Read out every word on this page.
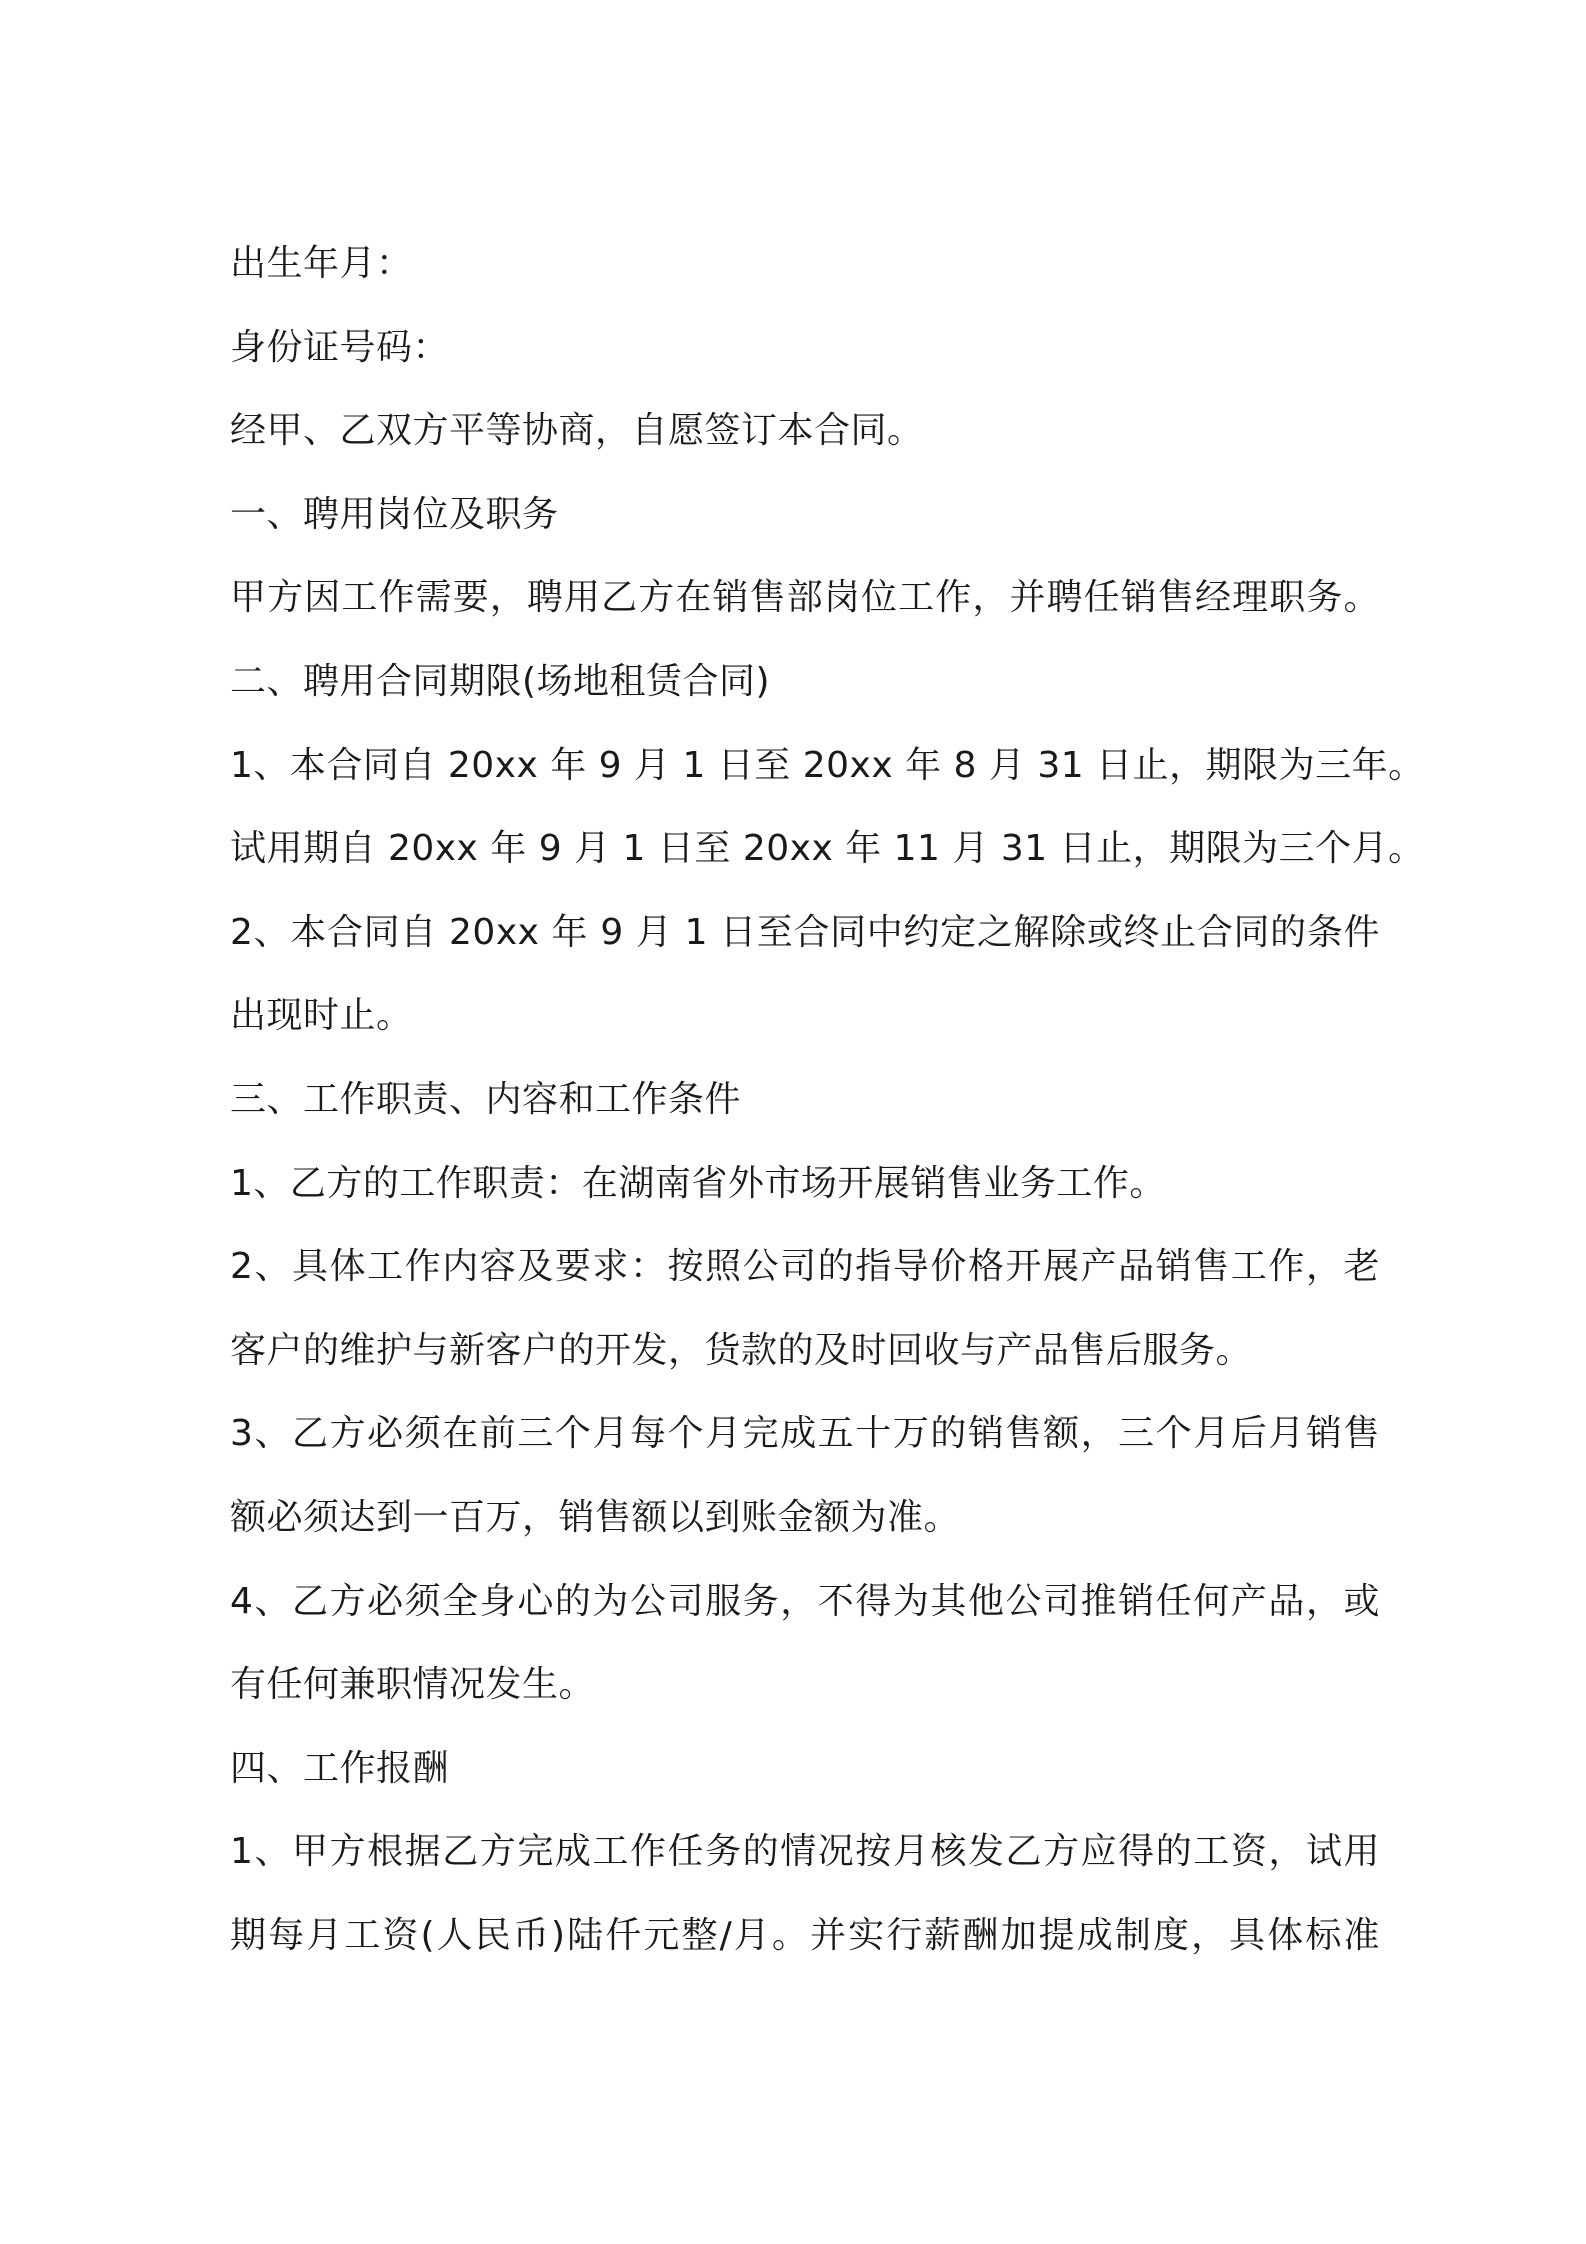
出生年月：
身份证号码：
经甲、乙双方平等协商，自愿签订本合同。
一、聘用岗位及职务
甲方因工作需要，聘用乙方在销售部岗位工作，并聘任销售经理职务。
二、聘用合同期限(场地租赁合同)
1、本合同自 20xx 年 9 月 1 日至 20xx 年 8 月 31 日止，期限为三年。
试用期自 20xx 年 9 月 1 日至 20xx 年 11 月 31 日止，期限为三个月。
2、本合同自 20xx 年 9 月 1 日至合同中约定之解除或终止合同的条件
出现时止。
三、工作职责、内容和工作条件
1、乙方的工作职责：在湖南省外市场开展销售业务工作。
2、具体工作内容及要求：按照公司的指导价格开展产品销售工作，老
客户的维护与新客户的开发，货款的及时回收与产品售后服务。
3、乙方必须在前三个月每个月完成五十万的销售额，三个月后月销售
额必须达到一百万，销售额以到账金额为准。
4、乙方必须全身心的为公司服务，不得为其他公司推销任何产品，或
有任何兼职情况发生。
四、工作报酬
1、甲方根据乙方完成工作任务的情况按月核发乙方应得的工资，试用
期每月工资(人民币)陆仟元整/月。并实行薪酬加提成制度，具体标准
